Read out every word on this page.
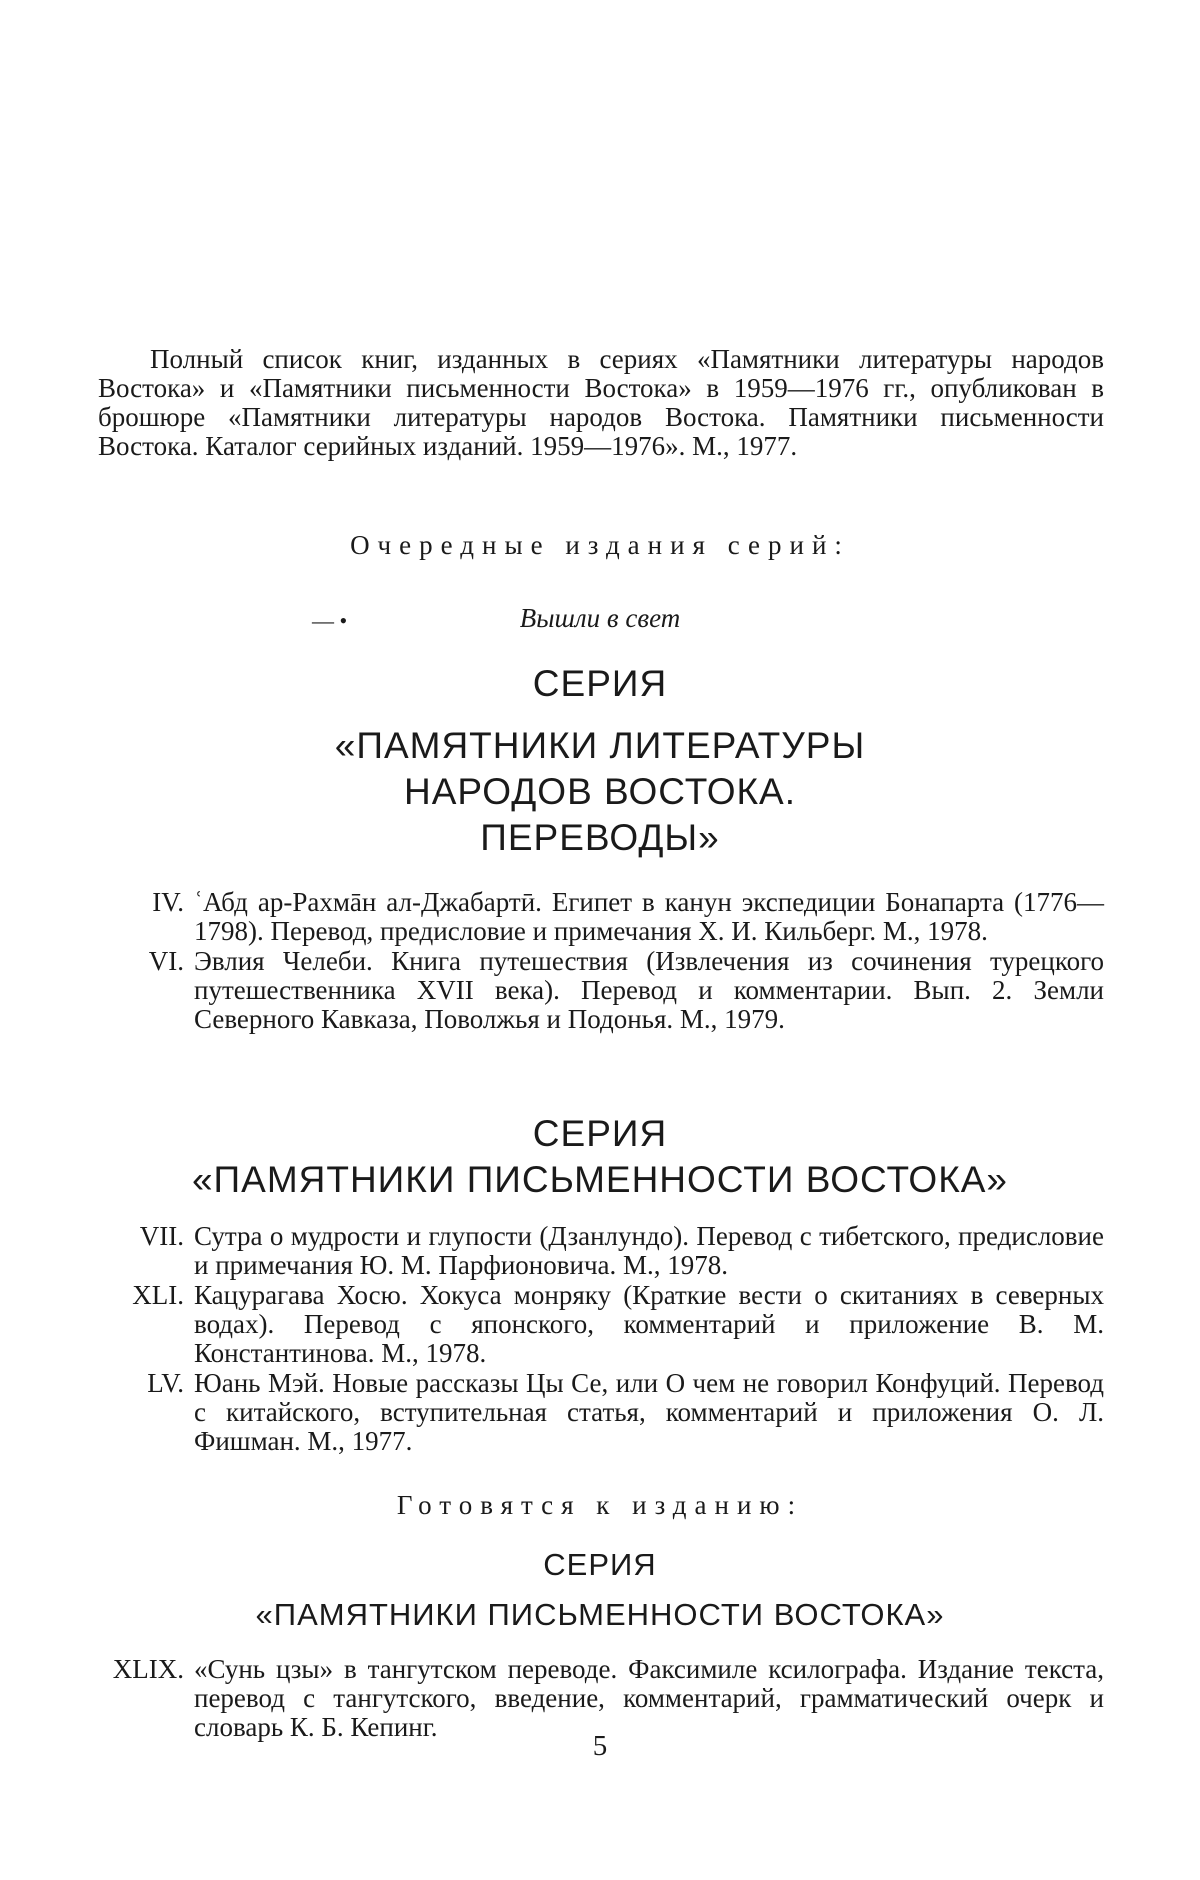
Полный список книг, изданных в сериях «Памятники литературы народов Востока» и «Памятники письменности Востока» в 1959—1976 гг., опубликован в брошюре «Памятники литературы народов Востока. Памятники письменности Востока. Каталог серийных изданий. 1959—1976». М., 1977.

Очередные издания серий:

— •	Вышли в свет
СЕРИЯ
«ПАМЯТНИКИ ЛИТЕРАТУРЫ
НАРОДОВ ВОСТОКА.
ПЕРЕВОДЫ»
IV. ʿАбд ар-Рахмāн ал-Джабартӣ. Египет в канун экспедиции Бонапарта (1776—1798). Перевод, предисловие и примечания X. И. Кильберг. М., 1978.
VI. Эвлия Челеби. Книга путешествия (Извлечения из сочинения турецкого путешественника XVII века). Перевод и комментарии. Вып. 2. Земли Северного Кавказа, Поволжья и Подонья. М., 1979.
СЕРИЯ
«ПАМЯТНИКИ ПИСЬМЕННОСТИ ВОСТОКА»
VII. Сутра о мудрости и глупости (Дзанлундо). Перевод с тибетского, предисловие и примечания Ю. М. Парфионовича. М., 1978.
XLI. Кацурагава Хосю. Хокуса монряку (Краткие вести о скитаниях в северных водах). Перевод с японского, комментарий и приложение В. М. Константинова. М., 1978.
LV. Юань Мэй. Новые рассказы Цы Се, или О чем не говорил Конфуций. Перевод с китайского, вступительная статья, комментарий и приложения О. Л. Фишман. М., 1977.

Готовятся к изданию:

СЕРИЯ
«ПАМЯТНИКИ ПИСЬМЕННОСТИ ВОСТОКА»
XLIX. «Сунь цзы» в тангутском переводе. Факсимиле ксилографа. Издание текста, перевод с тангутского, введение, комментарий, грамматический очерк и словарь К. Б. Кепинг.
5
